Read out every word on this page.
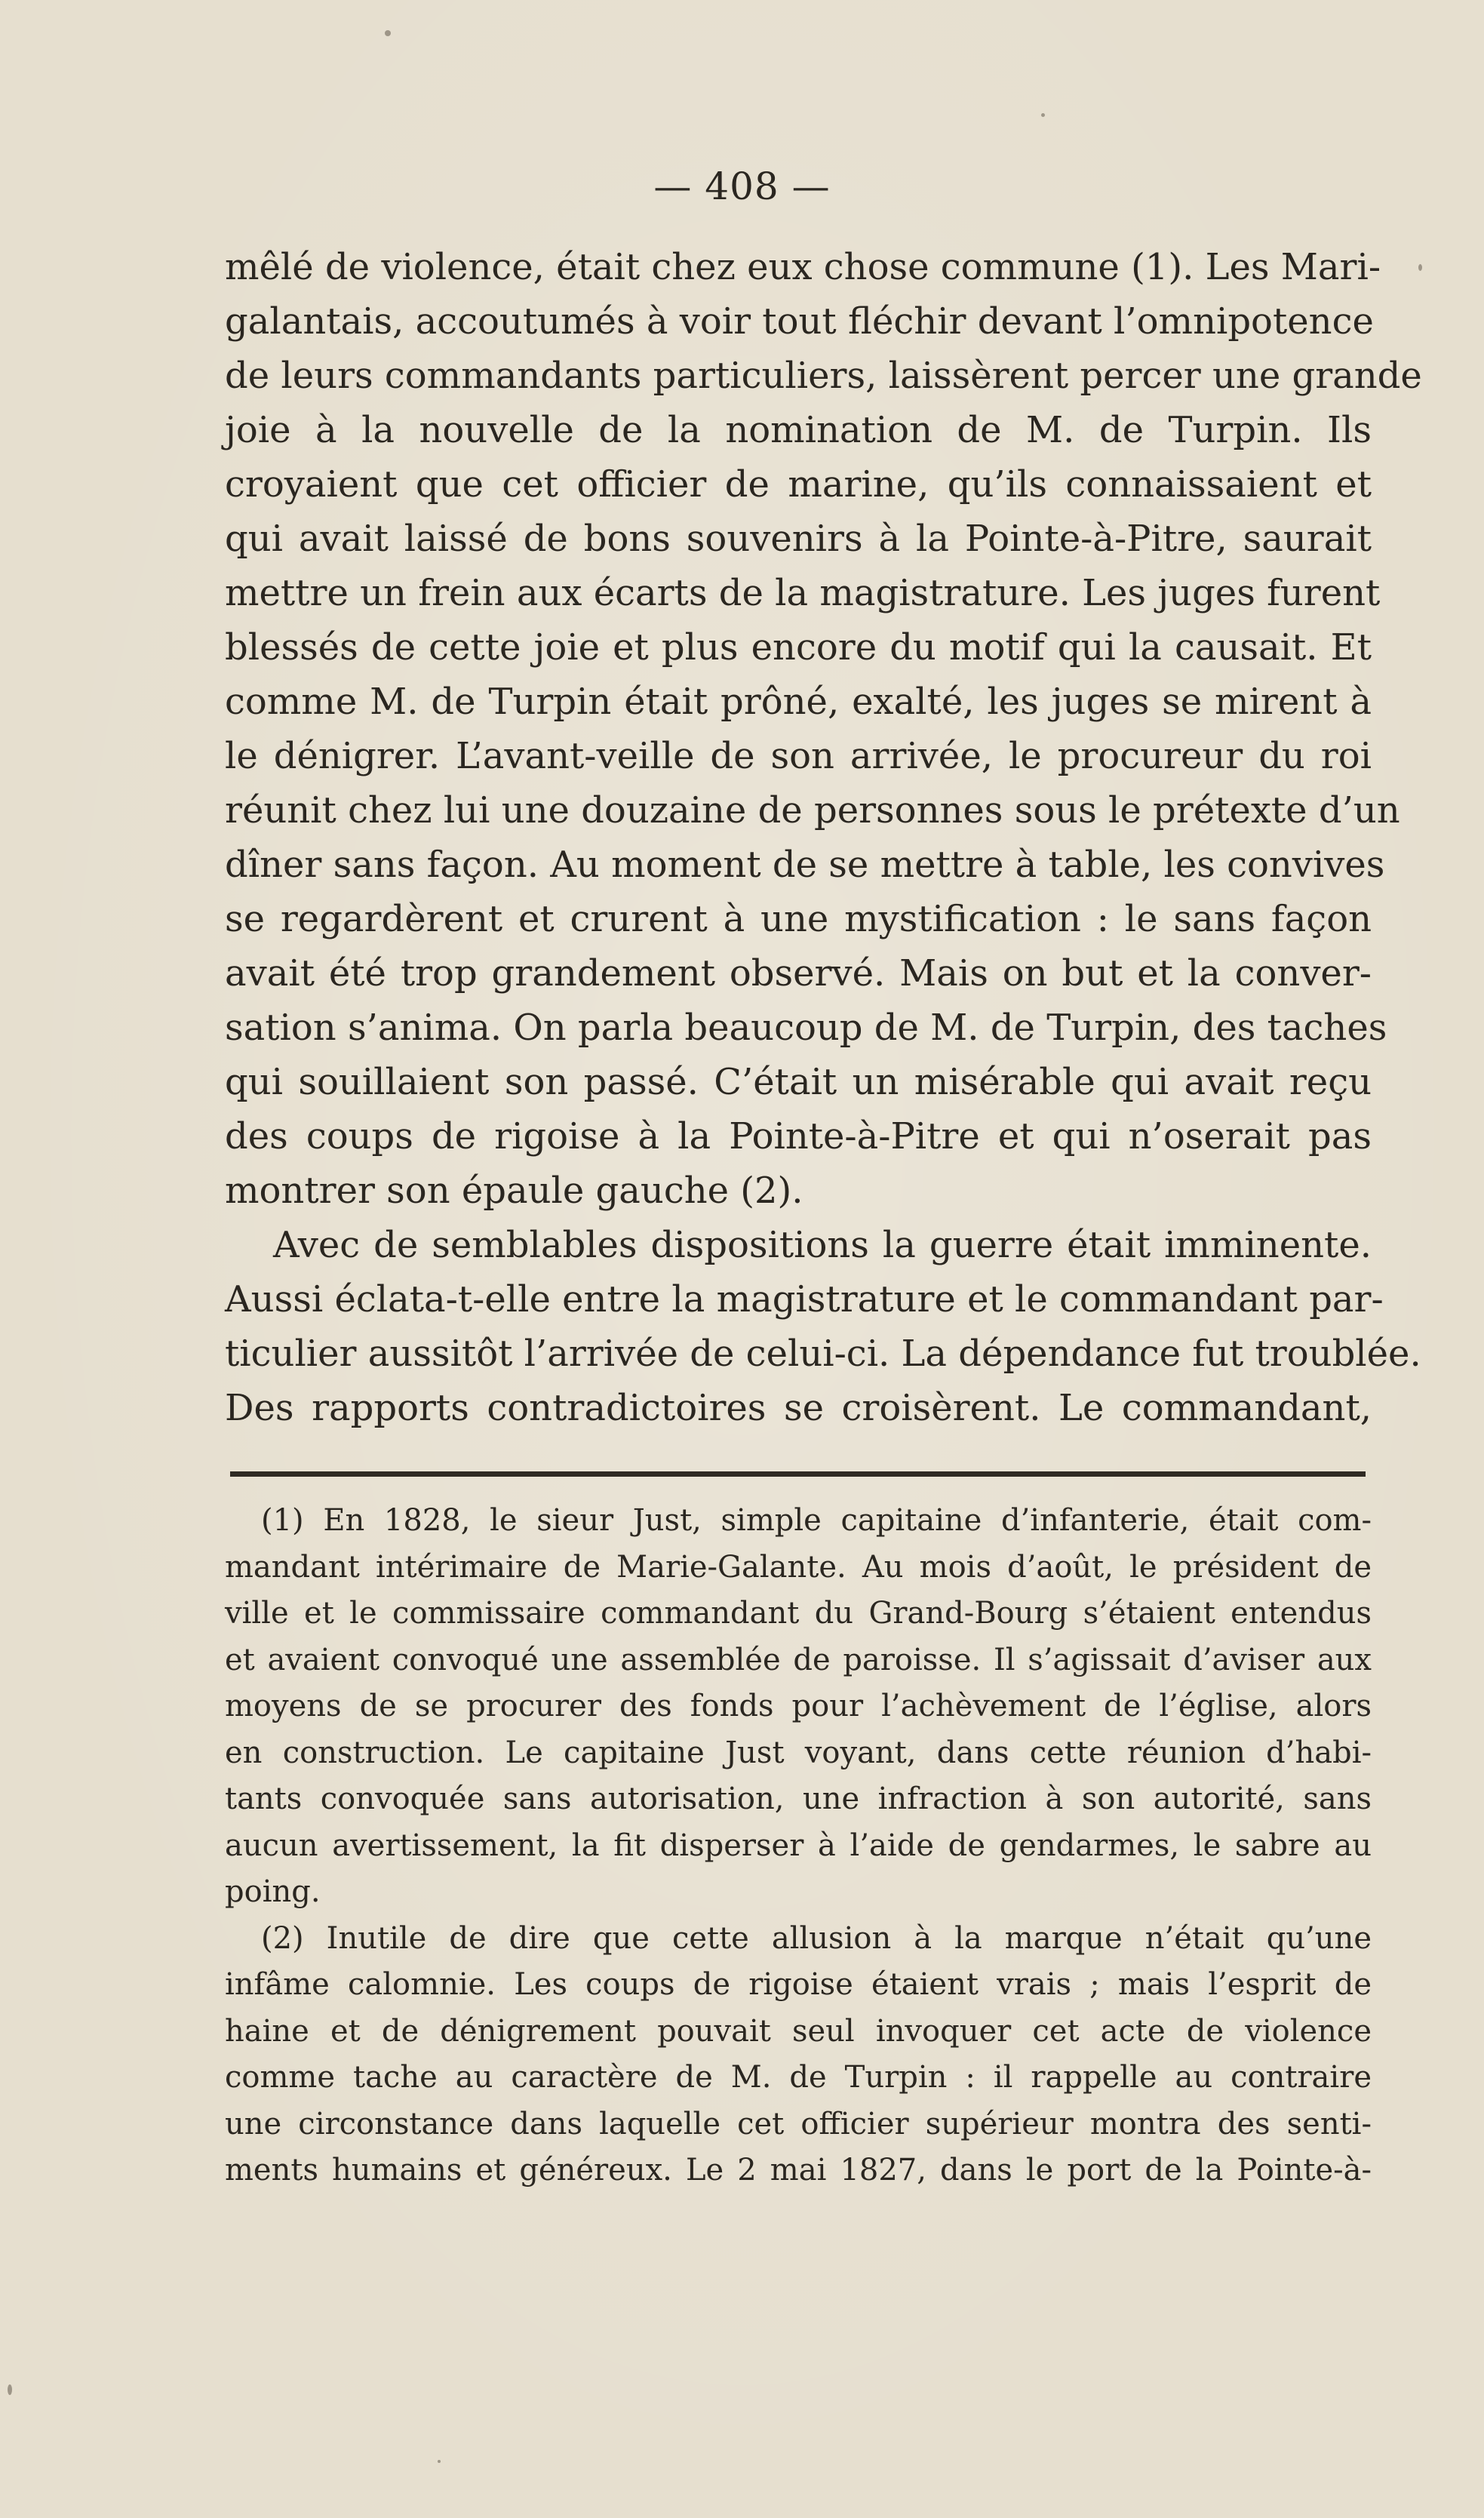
— 408 —
mêlé de violence, était chez eux chose commune (1). Les Mari-
galantais, accoutumés à voir tout fléchir devant l’omnipotence
de leurs commandants particuliers, laissèrent percer une grande
joie à la nouvelle de la nomination de M. de Turpin. Ils
croyaient que cet officier de marine, qu’ils connaissaient et
qui avait laissé de bons souvenirs à la Pointe-à-Pitre, saurait
mettre un frein aux écarts de la magistrature. Les juges furent
blessés de cette joie et plus encore du motif qui la causait. Et
comme M. de Turpin était prôné, exalté, les juges se mirent à
le dénigrer. L’avant-veille de son arrivée, le procureur du roi
réunit chez lui une douzaine de personnes sous le prétexte d’un
dîner sans façon. Au moment de se mettre à table, les convives
se regardèrent et crurent à une mystification : le sans façon
avait été trop grandement observé. Mais on but et la conver-
sation s’anima. On parla beaucoup de M. de Turpin, des taches
qui souillaient son passé. C’était un misérable qui avait reçu
des coups de rigoise à la Pointe-à-Pitre et qui n’oserait pas
montrer son épaule gauche (2).
Avec de semblables dispositions la guerre était imminente.
Aussi éclata-t-elle entre la magistrature et le commandant par-
ticulier aussitôt l’arrivée de celui-ci. La dépendance fut troublée.
Des rapports contradictoires se croisèrent. Le commandant,
(1) En 1828, le sieur Just, simple capitaine d’infanterie, était com-
mandant intérimaire de Marie-Galante. Au mois d’août, le président de
ville et le commissaire commandant du Grand-Bourg s’étaient entendus
et avaient convoqué une assemblée de paroisse. Il s’agissait d’aviser aux
moyens de se procurer des fonds pour l’achèvement de l’église, alors
en construction. Le capitaine Just voyant, dans cette réunion d’habi-
tants convoquée sans autorisation, une infraction à son autorité, sans
aucun avertissement, la fit disperser à l’aide de gendarmes, le sabre au
poing.
(2) Inutile de dire que cette allusion à la marque n’était qu’une
infâme calomnie. Les coups de rigoise étaient vrais ; mais l’esprit de
haine et de dénigrement pouvait seul invoquer cet acte de violence
comme tache au caractère de M. de Turpin : il rappelle au contraire
une circonstance dans laquelle cet officier supérieur montra des senti-
ments humains et généreux. Le 2 mai 1827, dans le port de la Pointe-à-
